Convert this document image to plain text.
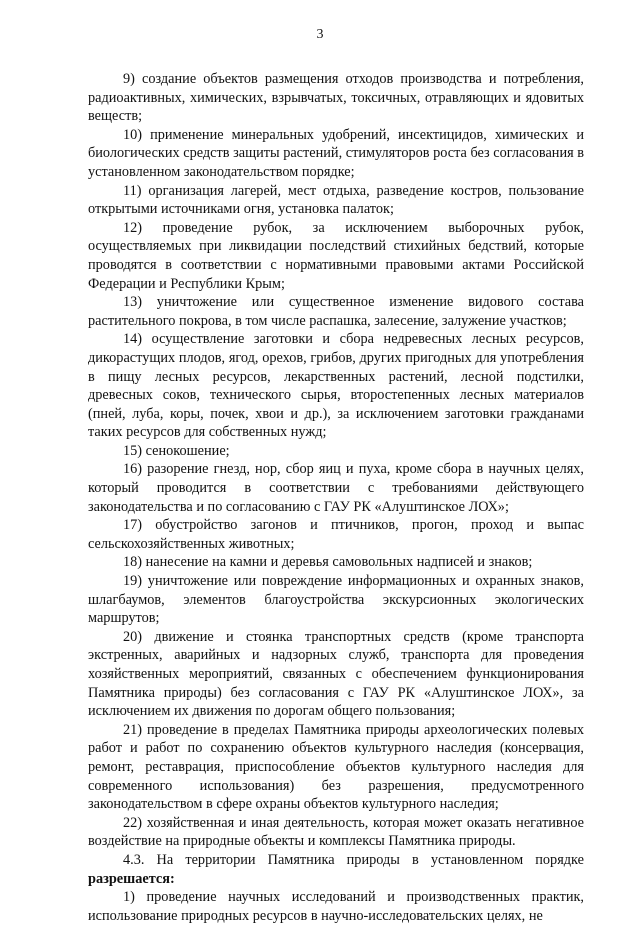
3

9) создание объектов размещения отходов производства и потребления, радиоактивных, химических, взрывчатых, токсичных, отравляющих и ядовитых веществ;

10) применение минеральных удобрений, инсектицидов, химических и биологических средств защиты растений, стимуляторов роста без согласования в установленном законодательством порядке;

11) организация лагерей, мест отдыха, разведение костров, пользование открытыми источниками огня, установка палаток;

12) проведение рубок, за исключением выборочных рубок, осуществляемых при ликвидации последствий стихийных бедствий, которые проводятся в соответствии с нормативными правовыми актами Российской Федерации и Республики Крым;

13) уничтожение или существенное изменение видового состава растительного покрова, в том числе распашка, залесение, залужение участков;

14) осуществление заготовки и сбора недревесных лесных ресурсов, дикорастущих плодов, ягод, орехов, грибов, других пригодных для употребления в пищу лесных ресурсов, лекарственных растений, лесной подстилки, древесных соков, технического сырья, второстепенных лесных материалов (пней, луба, коры, почек, хвои и др.), за исключением заготовки гражданами таких ресурсов для собственных нужд;

15) сенокошение;

16) разорение гнезд, нор, сбор яиц и пуха, кроме сбора в научных целях, который проводится в соответствии с требованиями действующего законодательства и по согласованию с ГАУ РК «Алуштинское ЛОХ»;

17) обустройство загонов и птичников, прогон, проход и выпас сельскохозяйственных животных;

18) нанесение на камни и деревья самовольных надписей и знаков;

19) уничтожение или повреждение информационных и охранных знаков, шлагбаумов, элементов благоустройства экскурсионных экологических маршрутов;

20) движение и стоянка транспортных средств (кроме транспорта экстренных, аварийных и надзорных служб, транспорта для проведения хозяйственных мероприятий, связанных с обеспечением функционирования Памятника природы) без согласования с ГАУ РК «Алуштинское ЛОХ», за исключением их движения по дорогам общего пользования;

21) проведение в пределах Памятника природы археологических полевых работ и работ по сохранению объектов культурного наследия (консервация, ремонт, реставрация, приспособление объектов культурного наследия для современного использования) без разрешения, предусмотренного законодательством в сфере охраны объектов культурного наследия;

22) хозяйственная и иная деятельность, которая может оказать негативное воздействие на природные объекты и комплексы Памятника природы.

4.3. На территории Памятника природы в установленном порядке разрешается:

1) проведение научных исследований и производственных практик, использование природных ресурсов в научно-исследовательских целях, не
